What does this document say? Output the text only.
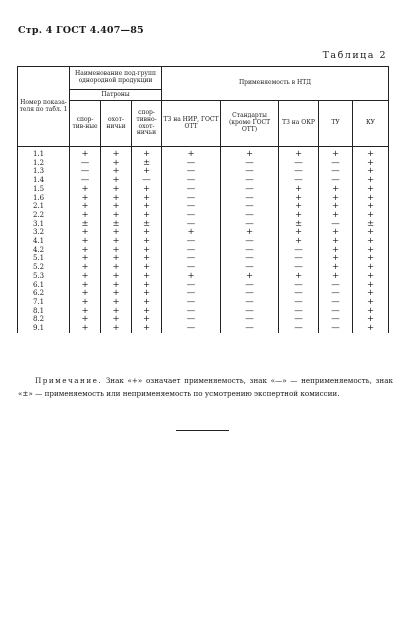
Стр. 4 ГОСТ 4.407—85
Таблица 2
Номер показа-теля по табл. 1	Наименование под-групп однородной продукции			Применяемость в НТД				
	Патроны							
	спор-тив-ные	охот-ничьи	спор-тивно-охот-ничьи	ТЗ на НИР, ГОСТ ОТТ	Стандарты (кроме ГОСТ ОТТ)	ТЗ на ОКР	ТУ	КУ
1.1	+	+	+	+	+	+	+	+
1.2	—	+	±	—	—	—	—	+
1.3	—	+	+	—	—	—	—	+
1.4	—	+	—	—	—	—	—	+
1.5	+	+	+	—	—	+	+	+
1.6	+	+	+	—	—	+	+	+
2.1	+	+	+	—	—	+	+	+
2.2	+	+	+	—	—	+	+	+
3.1	±	±	±	—	—	±	—	±
3.2	+	+	+	+	+	+	+	+
4.1	+	+	+	—	—	+	+	+
4.2	+	+	+	—	—	—	+	+
5.1	+	+	+	—	—	—	+	+
5.2	+	+	+	—	—	—	+	+
5.3	+	+	+	+	+	+	+	+
6.1	+	+	+	—	—	—	—	+
6.2	+	+	+	—	—	—	—	+
7.1	+	+	+	—	—	—	—	+
8.1	+	+	+	—	—	—	—	+
8.2	+	+	+	—	—	—	—	+
9.1	+	+	+	—	—	—	—	+
Примечание. Знак «+» означает применяемость, знак «—» — неприменяемость, знак «±» — применяемость или неприменяемость по усмотрению экспертной комиссии.
